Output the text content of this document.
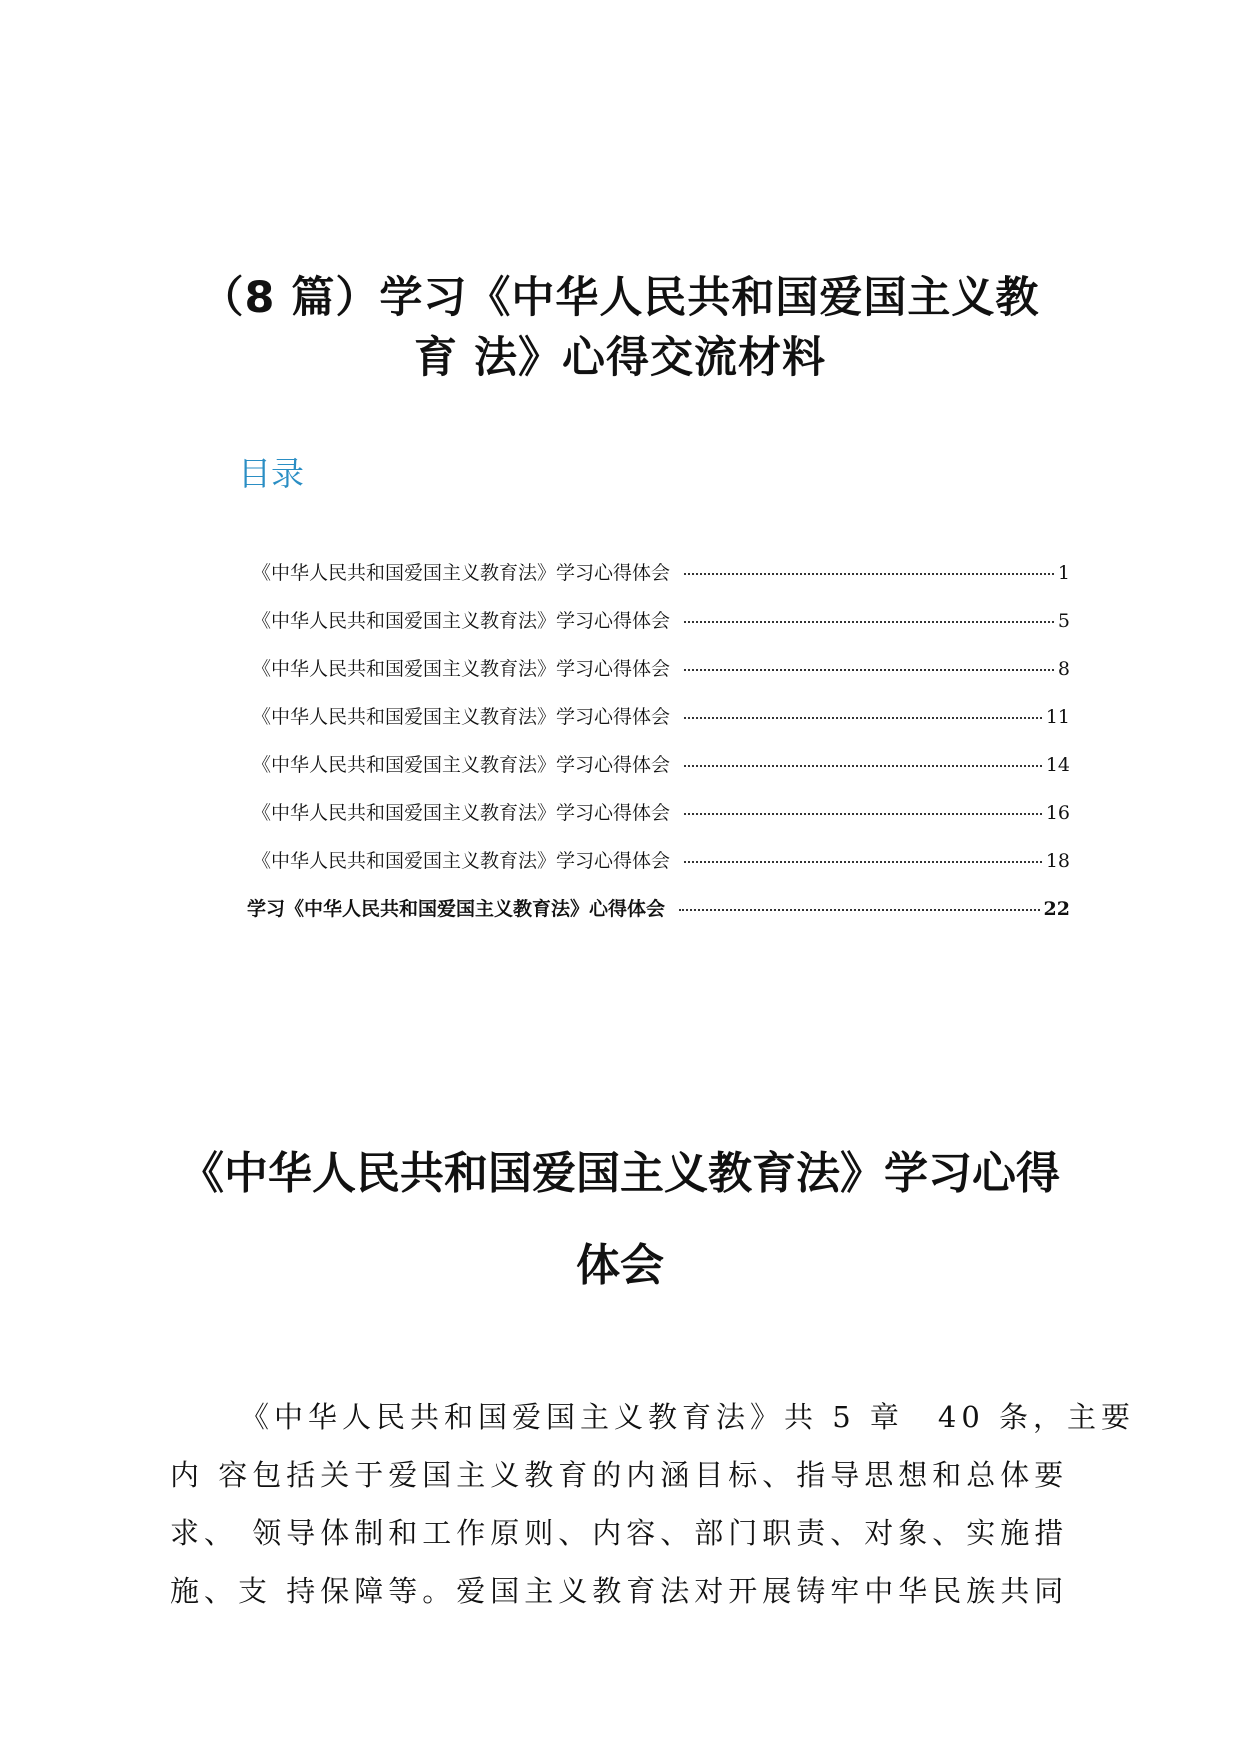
（8 篇）学习《中华人民共和国爱国主义教
育 法》心得交流材料
目录
《中华人民共和国爱国主义教育法》学习心得体会	1
《中华人民共和国爱国主义教育法》学习心得体会	5
《中华人民共和国爱国主义教育法》学习心得体会	8
《中华人民共和国爱国主义教育法》学习心得体会	11
《中华人民共和国爱国主义教育法》学习心得体会	14
《中华人民共和国爱国主义教育法》学习心得体会	16
《中华人民共和国爱国主义教育法》学习心得体会	18
学习《中华人民共和国爱国主义教育法》心得体会	22
《中华人民共和国爱国主义教育法》学习心得
体会
《中华人民共和国爱国主义教育法》共 5 章　40 条，主要
内 容包括关于爱国主义教育的内涵目标、指导思想和总体要
求、 领导体制和工作原则、内容、部门职责、对象、实施措
施、支 持保障等。爱国主义教育法对开展铸牢中华民族共同
